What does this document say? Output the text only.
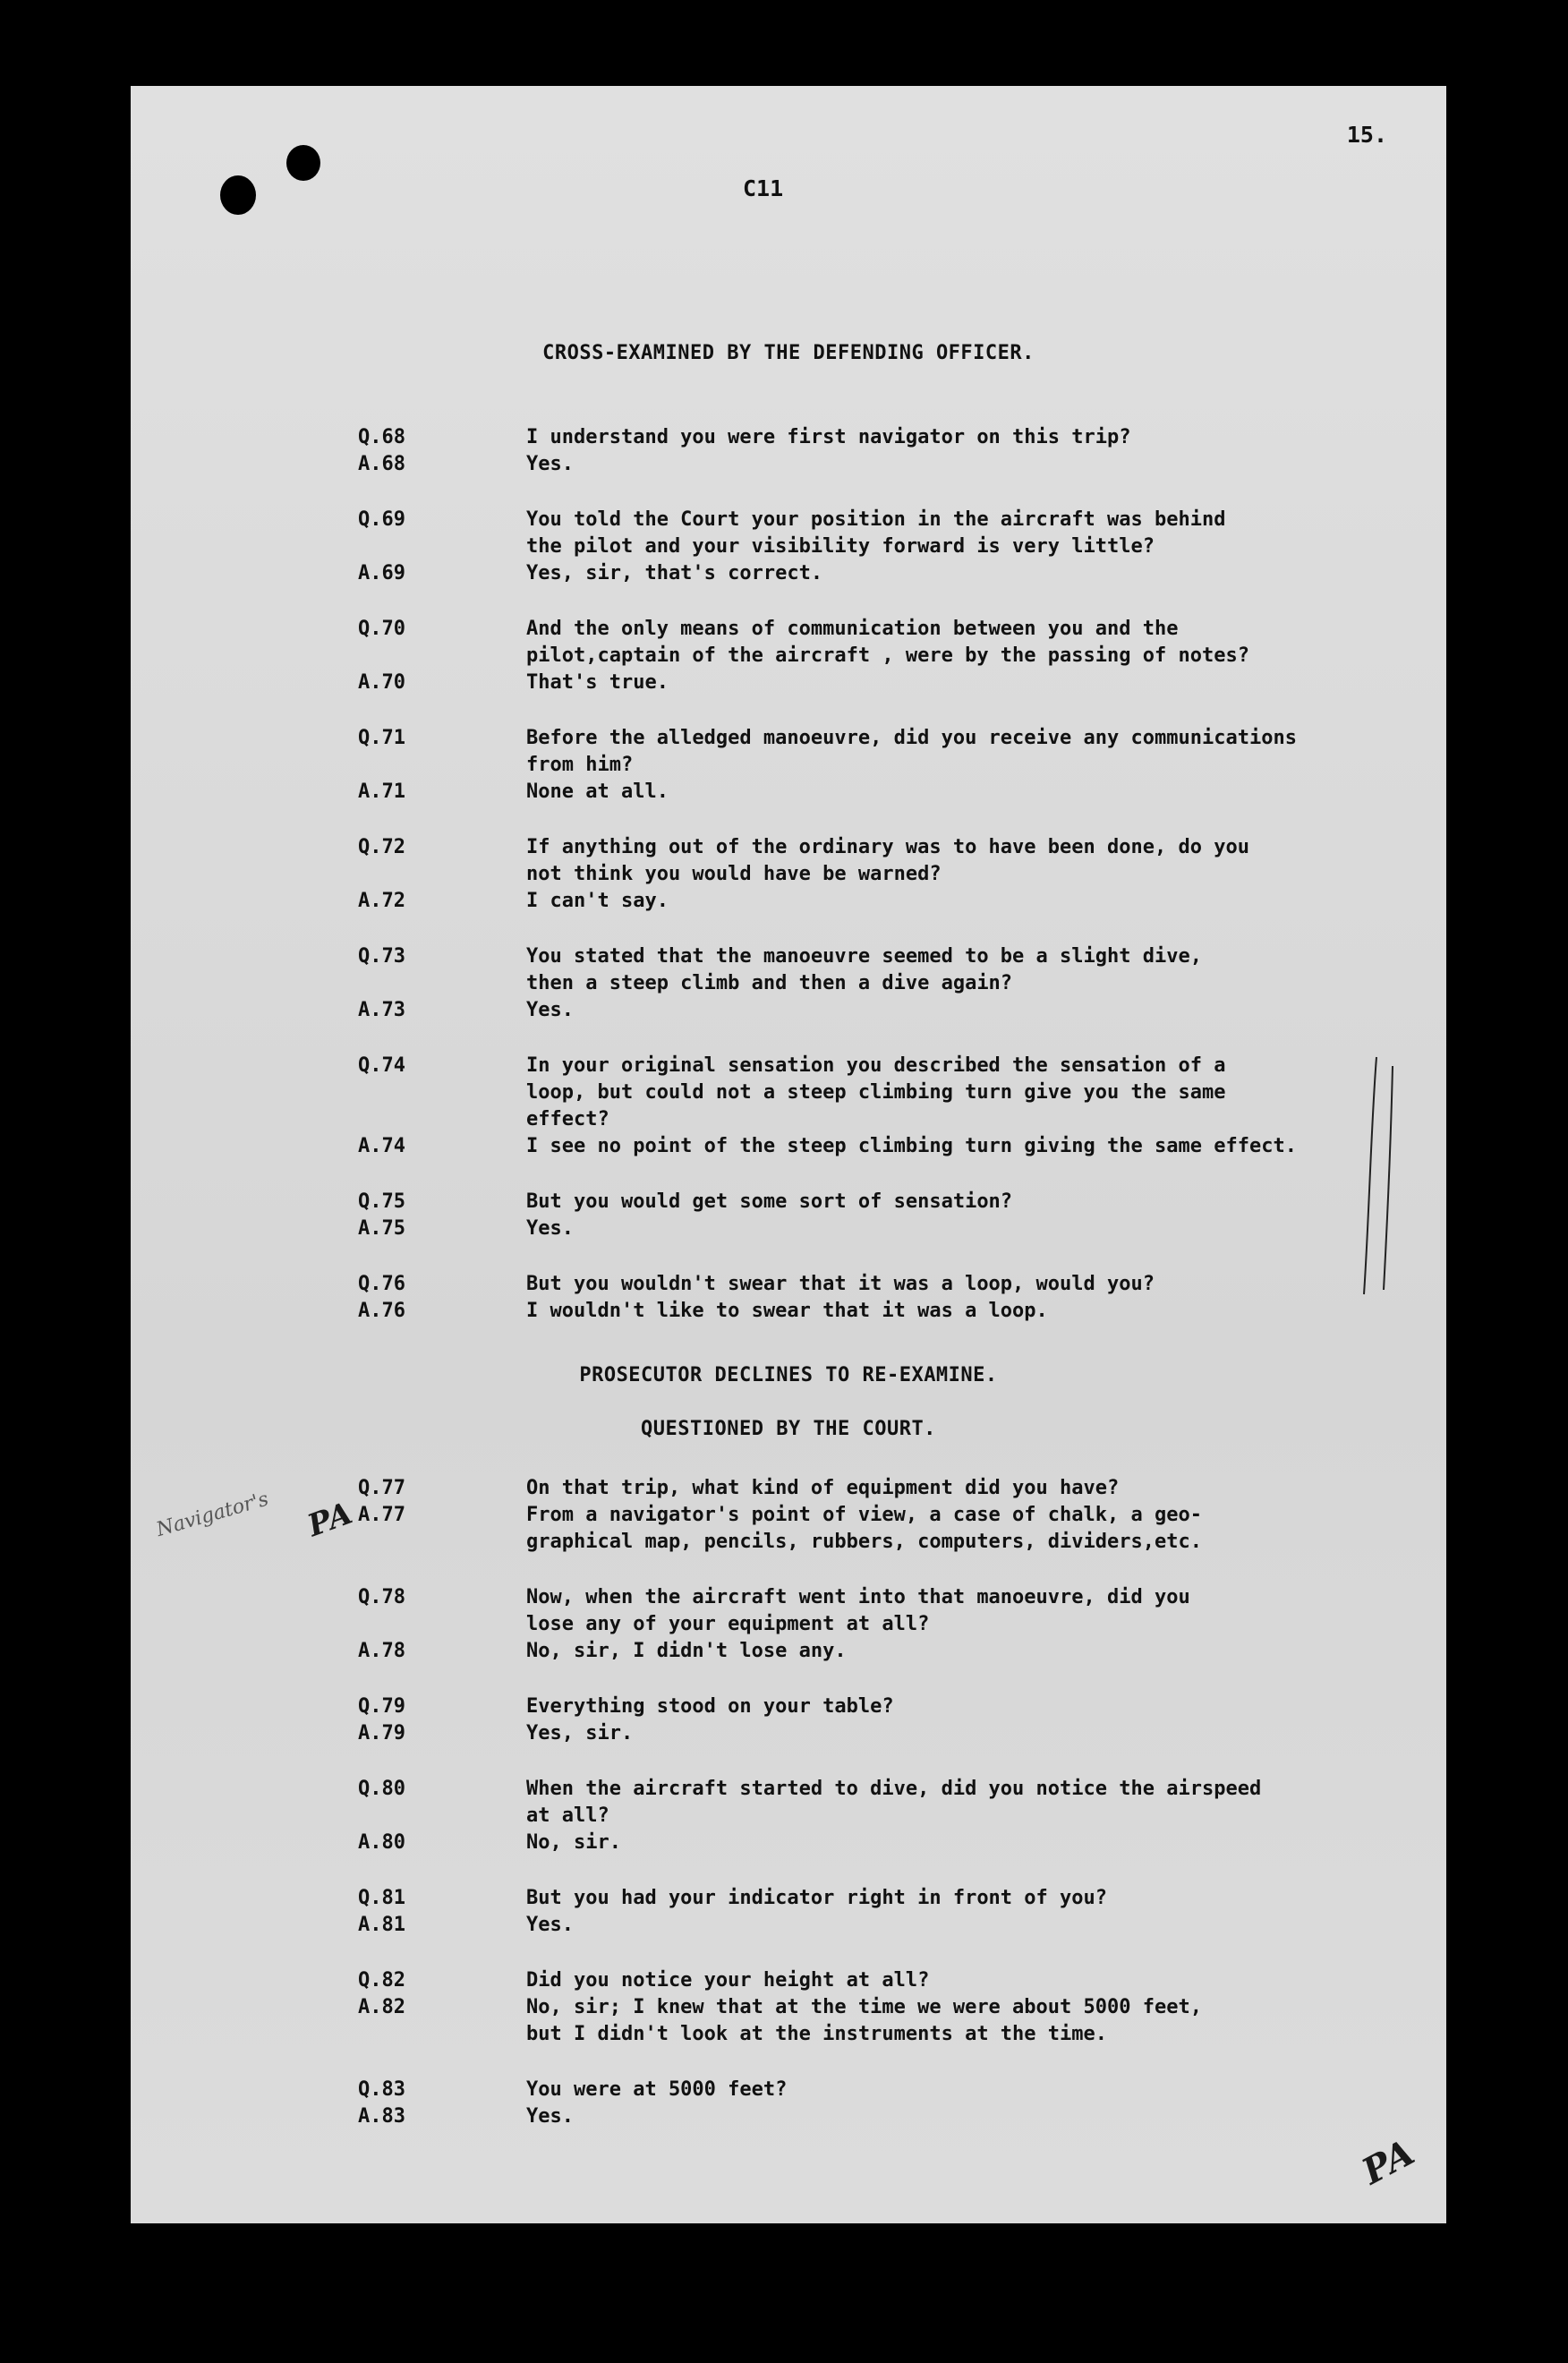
15.
C11
CROSS-EXAMINED BY THE DEFENDING OFFICER.
Q.68	I understand you were first navigator on this trip?
A.68	Yes.
Q.69	You told the Court your position in the aircraft was behind
the pilot and your visibility forward is very little?
A.69	Yes, sir, that's correct.
Q.70	And the only means of communication between you and the
pilot,captain of the aircraft , were by the passing of notes?
A.70	That's true.
Q.71	Before the alledged manoeuvre, did you receive any communications
from him?
A.71	None at all.
Q.72	If anything out of the ordinary was to have been done, do you
not think you would have be warned?
A.72	I can't say.
Q.73	You stated that the manoeuvre seemed to be a slight dive,
then a steep climb and then a dive again?
A.73	Yes.
Q.74	In your original sensation you described the sensation of a
loop, but could not a steep climbing turn give you the same
effect?
A.74	I see no point of the steep climbing turn giving the same effect.
Q.75	But you would get some sort of sensation?
A.75	Yes.
Q.76	But you wouldn't swear that it was a loop, would you?
A.76	I wouldn't like to swear that it was a loop.
PROSECUTOR DECLINES TO RE-EXAMINE.
QUESTIONED BY THE COURT.
Q.77	On that trip, what kind of equipment did you have?
A.77	From a navigator's point of view, a case of chalk, a geo-
graphical map, pencils, rubbers, computers, dividers,etc.
Q.78	Now, when the aircraft went into that manoeuvre, did you
lose any of your equipment at all?
A.78	No, sir, I didn't lose any.
Q.79	Everything stood on your table?
A.79	Yes, sir.
Q.80	When the aircraft started to dive, did you notice the airspeed
at all?
A.80	No, sir.
Q.81	But you had your indicator right in front of you?
A.81	Yes.
Q.82	Did you notice your height at all?
A.82	No, sir; I knew that at the time we were about 5000 feet,
but I didn't look at the instruments at the time.
Q.83	You were at 5000 feet?
A.83	Yes.
Navigator's PA
PA
